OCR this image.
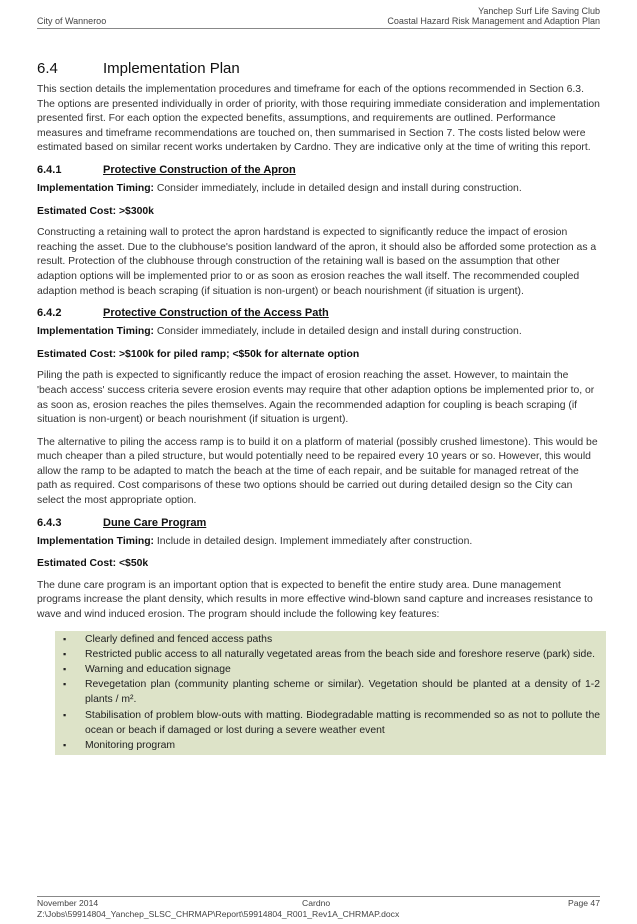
City of Wanneroo
Yanchep Surf Life Saving Club
Coastal Hazard Risk Management and Adaption Plan
6.4	Implementation Plan

This section details the implementation procedures and timeframe for each of the options recommended in Section 6.3. The options are presented individually in order of priority, with those requiring immediate consideration and implementation presented first. For each option the expected benefits, assumptions, and requirements are outlined. Performance measures and timeframe recommendations are touched on, then summarised in Section 7. The costs listed below were estimated based on similar recent works undertaken by Cardno. They are indicative only at the time of writing this report.

6.4.1	Protective Construction of the Apron

Implementation Timing: Consider immediately, include in detailed design and install during construction.

Estimated Cost: >$300k

Constructing a retaining wall to protect the apron hardstand is expected to significantly reduce the impact of erosion reaching the asset. Due to the clubhouse's position landward of the apron, it should also be afforded some protection as a result. Protection of the clubhouse through construction of the retaining wall is based on the assumption that other adaption options will be implemented prior to or as soon as erosion reaches the wall itself. The recommended coupled adaption method is beach scraping (if situation is non-urgent) or beach nourishment (if situation is urgent).

6.4.2	Protective Construction of the Access Path

Implementation Timing: Consider immediately, include in detailed design and install during construction.

Estimated Cost: >$100k for piled ramp; <$50k for alternate option

Piling the path is expected to significantly reduce the impact of erosion reaching the asset. However, to maintain the 'beach access' success criteria severe erosion events may require that other adaption options be implemented prior to, or as soon as, erosion reaches the piles themselves. Again the recommended adaption for coupling is beach scraping (if situation is non-urgent) or beach nourishment (if situation is urgent).

The alternative to piling the access ramp is to build it on a platform of material (possibly crushed limestone). This would be much cheaper than a piled structure, but would potentially need to be repaired every 10 years or so. However, this would allow the ramp to be adapted to match the beach at the time of each repair, and be suitable for managed retreat of the path as required. Cost comparisons of these two options should be carried out during detailed design so the City can select the most appropriate option.

6.4.3	Dune Care Program

Implementation Timing: Include in detailed design. Implement immediately after construction.

Estimated Cost: <$50k

The dune care program is an important option that is expected to benefit the entire study area. Dune management programs increase the plant density, which results in more effective wind-blown sand capture and increases resistance to wave and wind induced erosion. The program should include the following key features:

▪ Clearly defined and fenced access paths
▪ Restricted public access to all naturally vegetated areas from the beach side and foreshore reserve (park) side.
▪ Warning and education signage
▪ Revegetation plan (community planting scheme or similar). Vegetation should be planted at a density of 1-2 plants / m².
▪ Stabilisation of problem blow-outs with matting. Biodegradable matting is recommended so as not to pollute the ocean or beach if damaged or lost during a severe weather event
▪ Monitoring program
November 2014	Cardno	Page 47
Z:\Jobs\59914804_Yanchep_SLSC_CHRMAP\Report\59914804_R001_Rev1A_CHRMAP.docx
